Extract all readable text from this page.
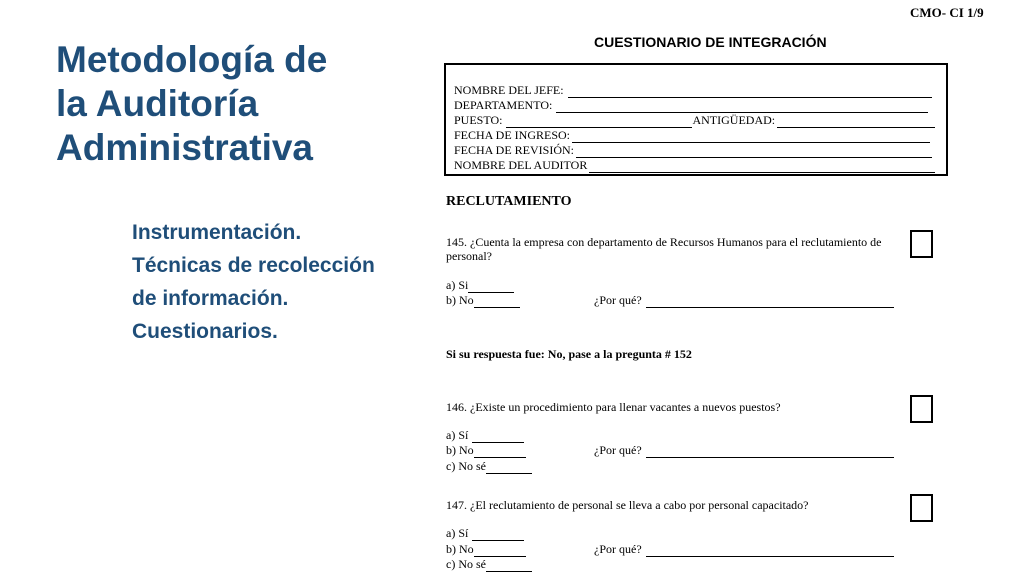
Metodología de
la Auditoría
Administrativa
Instrumentación.
Técnicas de recolección
de información.
Cuestionarios.
CMO- CI 1/9
CUESTIONARIO DE INTEGRACIÓN
NOMBRE DEL JEFE:
DEPARTAMENTO:
PUESTO:	ANTIGÜEDAD:
FECHA DE INGRESO:
FECHA DE REVISIÓN:
NOMBRE DEL AUDITOR
RECLUTAMIENTO
145. ¿Cuenta la empresa con departamento de Recursos Humanos para el reclutamiento de personal?
a) Si
b) No	¿Por qué?
Si su respuesta fue: No, pase a la pregunta # 152
146. ¿Existe un procedimiento para llenar vacantes a nuevos puestos?
a) Sí
b) No	¿Por qué?
c) No sé
147. ¿El reclutamiento de personal se lleva a cabo por personal capacitado?
a) Sí
b) No	¿Por qué?
c) No sé
